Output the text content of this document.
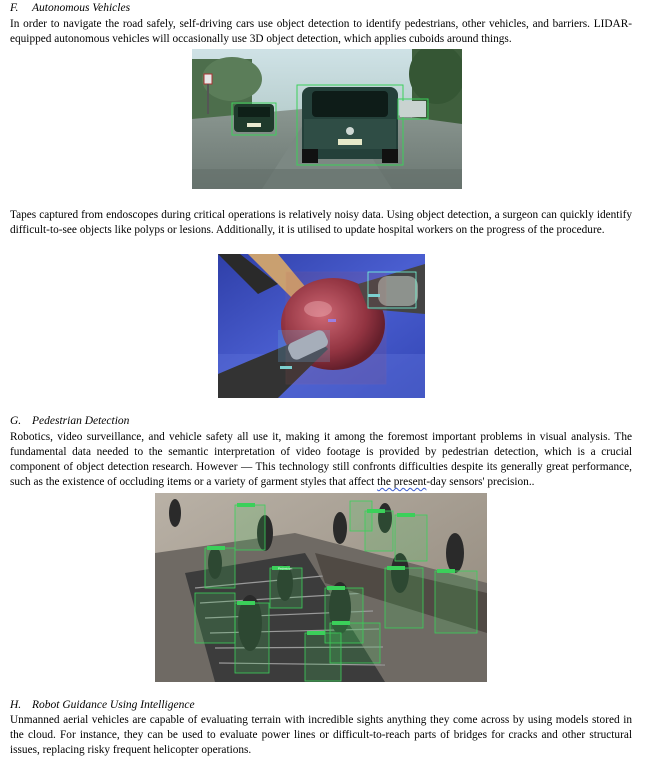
F. Autonomous Vehicles
In order to navigate the road safely, self-driving cars use object detection to identify pedestrians, other vehicles, and barriers. LIDAR-equipped autonomous vehicles will occasionally use 3D object detection, which applies cuboids around things.
Tapes captured from endoscopes during critical operations is relatively noisy data. Using object detection, a surgeon can quickly identify difficult-to-see objects like polyps or lesions. Additionally, it is utilised to update hospital workers on the progress of the procedure.
G. Pedestrian Detection
Robotics, video surveillance, and vehicle safety all use it, making it among the foremost important problems in visual analysis. The fundamental data needed to the semantic interpretation of video footage is provided by pedestrian detection, which is a crucial component of object detection research. However — This technology still confronts difficulties despite its generally great performance, such as the existence of occluding items or a variety of garment styles that affect the present-day sensors' precision..
Pedestrian
H. Robot Guidance Using Intelligence
Unmanned aerial vehicles are capable of evaluating terrain with incredible sights anything they come across by using models stored in the cloud. For instance, they can be used to evaluate power lines or difficult-to-reach parts of bridges for cracks and other structural issues, replacing risky frequent helicopter operations.
